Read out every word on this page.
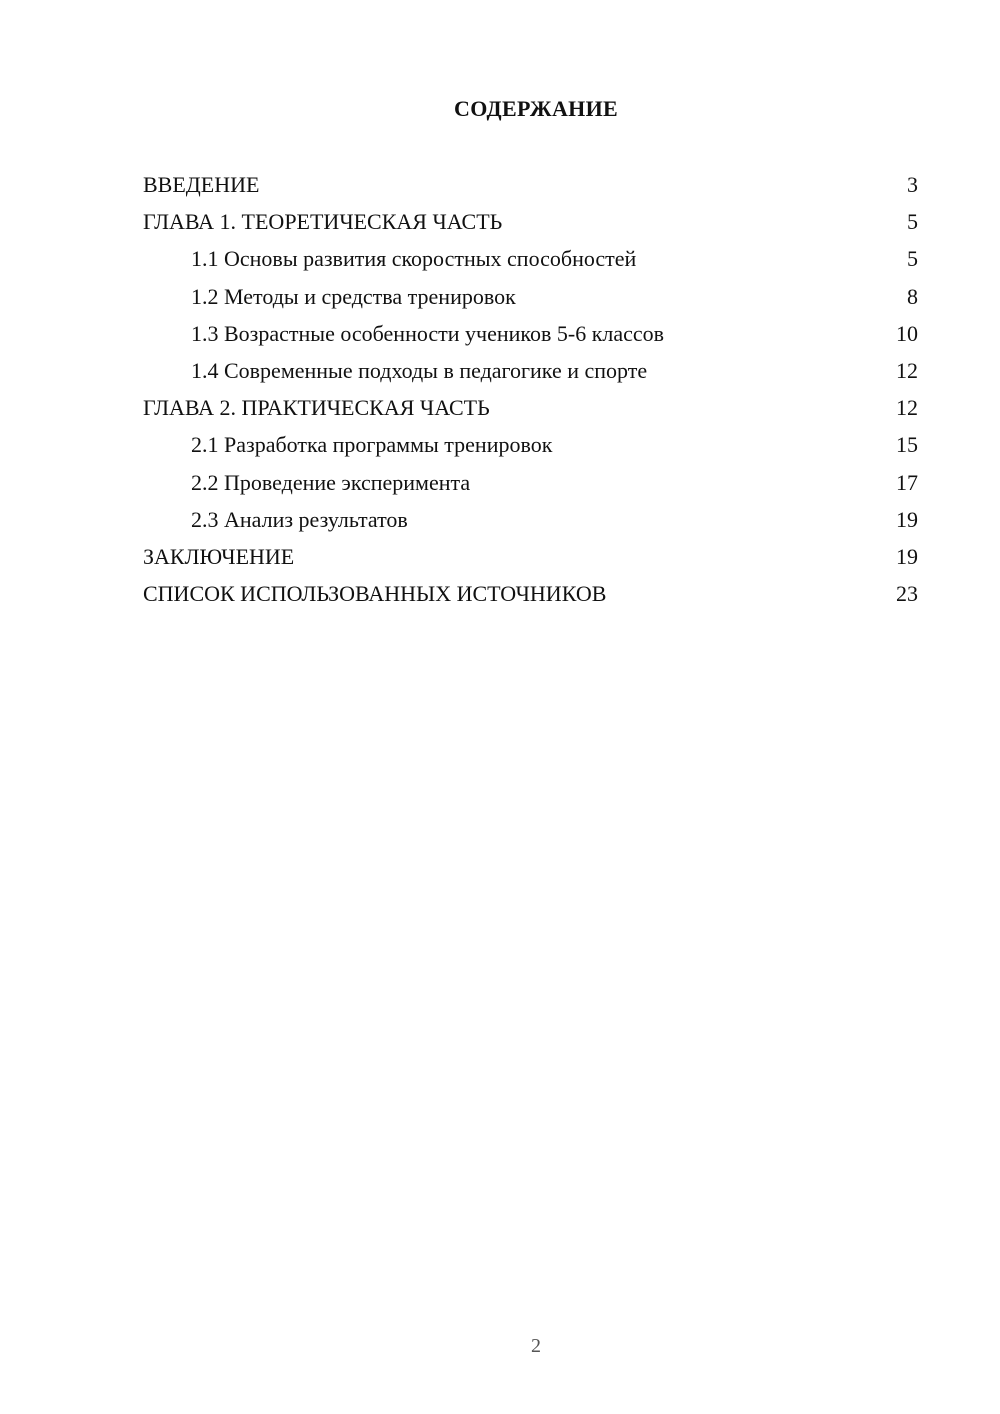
СОДЕРЖАНИЕ
ВВЕДЕНИЕ	3
ГЛАВА 1. ТЕОРЕТИЧЕСКАЯ ЧАСТЬ	5
1.1 Основы развития скоростных способностей	5
1.2 Методы и средства тренировок	8
1.3 Возрастные особенности учеников 5-6 классов	10
1.4 Современные подходы в педагогике и спорте	12
ГЛАВА 2. ПРАКТИЧЕСКАЯ ЧАСТЬ	12
2.1 Разработка программы тренировок	15
2.2 Проведение эксперимента	17
2.3 Анализ результатов	19
ЗАКЛЮЧЕНИЕ	19
СПИСОК ИСПОЛЬЗОВАННЫХ ИСТОЧНИКОВ	23
2
